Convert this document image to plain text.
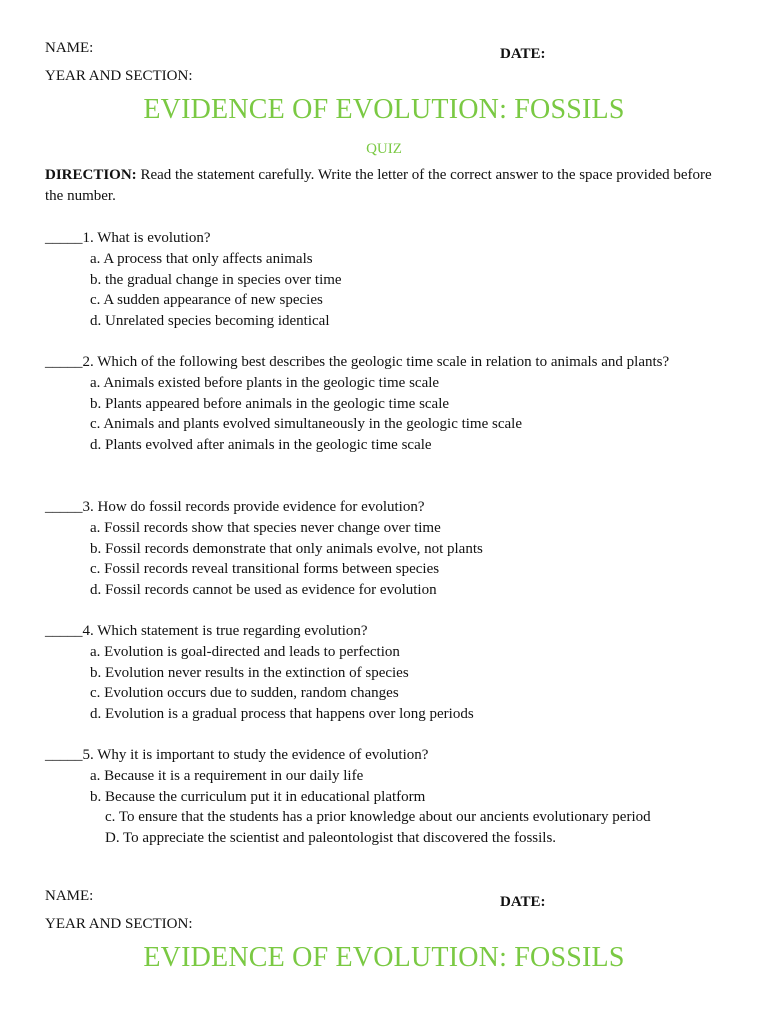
NAME:	DATE:
YEAR AND SECTION:
EVIDENCE OF EVOLUTION: FOSSILS
QUIZ
DIRECTION: Read the statement carefully. Write the letter of the correct answer to the space provided before the number.
_____1. What is evolution?
a. A process that only affects animals
b. the gradual change in species over time
c. A sudden appearance of new species
d. Unrelated species becoming identical
_____2. Which of the following best describes the geologic time scale in relation to animals and plants?
a. Animals existed before plants in the geologic time scale
b. Plants appeared before animals in the geologic time scale
c. Animals and plants evolved simultaneously in the geologic time scale
d. Plants evolved after animals in the geologic time scale
_____3. How do fossil records provide evidence for evolution?
a. Fossil records show that species never change over time
b. Fossil records demonstrate that only animals evolve, not plants
c. Fossil records reveal transitional forms between species
d. Fossil records cannot be used as evidence for evolution
_____4. Which statement is true regarding evolution?
a. Evolution is goal-directed and leads to perfection
b. Evolution never results in the extinction of species
c. Evolution occurs due to sudden, random changes
d. Evolution is a gradual process that happens over long periods
_____5. Why it is important to study the evidence of evolution?
a. Because it is a requirement in our daily life
b. Because the curriculum put it in educational platform
c. To ensure that the students has a prior knowledge about our ancients evolutionary period
D. To appreciate the scientist and paleontologist that discovered the fossils.
NAME:	DATE:
YEAR AND SECTION:
EVIDENCE OF EVOLUTION: FOSSILS
